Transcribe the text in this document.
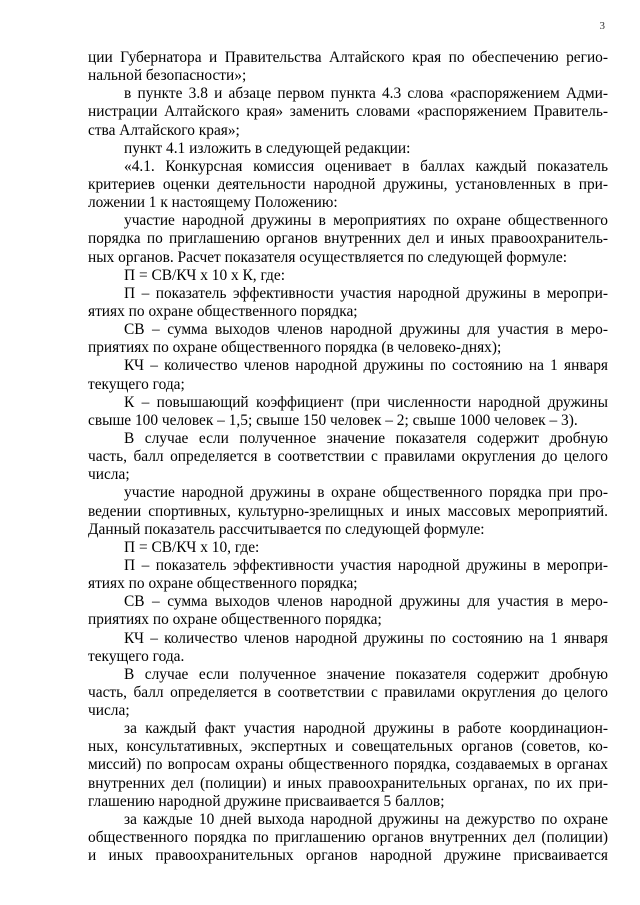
3
ции Губернатора и Правительства Алтайского края по обеспечению регио-
нальной безопасности»;
в пункте 3.8 и абзаце первом пункта 4.3 слова «распоряжением Адми-
нистрации Алтайского края» заменить словами «распоряжением Правитель-
ства Алтайского края»;
пункт 4.1 изложить в следующей редакции:
«4.1. Конкурсная комиссия оценивает в баллах каждый показатель
критериев оценки деятельности народной дружины, установленных в при-
ложении 1 к настоящему Положению:
участие народной дружины в мероприятиях по охране общественного
порядка по приглашению органов внутренних дел и иных правоохранитель-
ных органов. Расчет показателя осуществляется по следующей формуле:
П = СВ/КЧ х 10 х К, где:
П – показатель эффективности участия народной дружины в меропри-
ятиях по охране общественного порядка;
СВ – сумма выходов членов народной дружины для участия в меро-
приятиях по охране общественного порядка (в человеко-днях);
КЧ – количество членов народной дружины по состоянию на 1 января
текущего года;
К – повышающий коэффициент (при численности народной дружины
свыше 100 человек – 1,5; свыше 150 человек – 2; свыше 1000 человек – 3).
В случае если полученное значение показателя содержит дробную
часть, балл определяется в соответствии с правилами округления до целого
числа;
участие народной дружины в охране общественного порядка при про-
ведении спортивных, культурно-зрелищных и иных массовых мероприятий.
Данный показатель рассчитывается по следующей формуле:
П = СВ/КЧ х 10, где:
П – показатель эффективности участия народной дружины в меропри-
ятиях по охране общественного порядка;
СВ – сумма выходов членов народной дружины для участия в меро-
приятиях по охране общественного порядка;
КЧ – количество членов народной дружины по состоянию на 1 января
текущего года.
В случае если полученное значение показателя содержит дробную
часть, балл определяется в соответствии с правилами округления до целого
числа;
за каждый факт участия народной дружины в работе координацион-
ных, консультативных, экспертных и совещательных органов (советов, ко-
миссий) по вопросам охраны общественного порядка, создаваемых в органах
внутренних дел (полиции) и иных правоохранительных органах, по их при-
глашению народной дружине присваивается 5 баллов;
за каждые 10 дней выхода народной дружины на дежурство по охране
общественного порядка по приглашению органов внутренних дел (полиции)
и иных правоохранительных органов народной дружине присваивается
